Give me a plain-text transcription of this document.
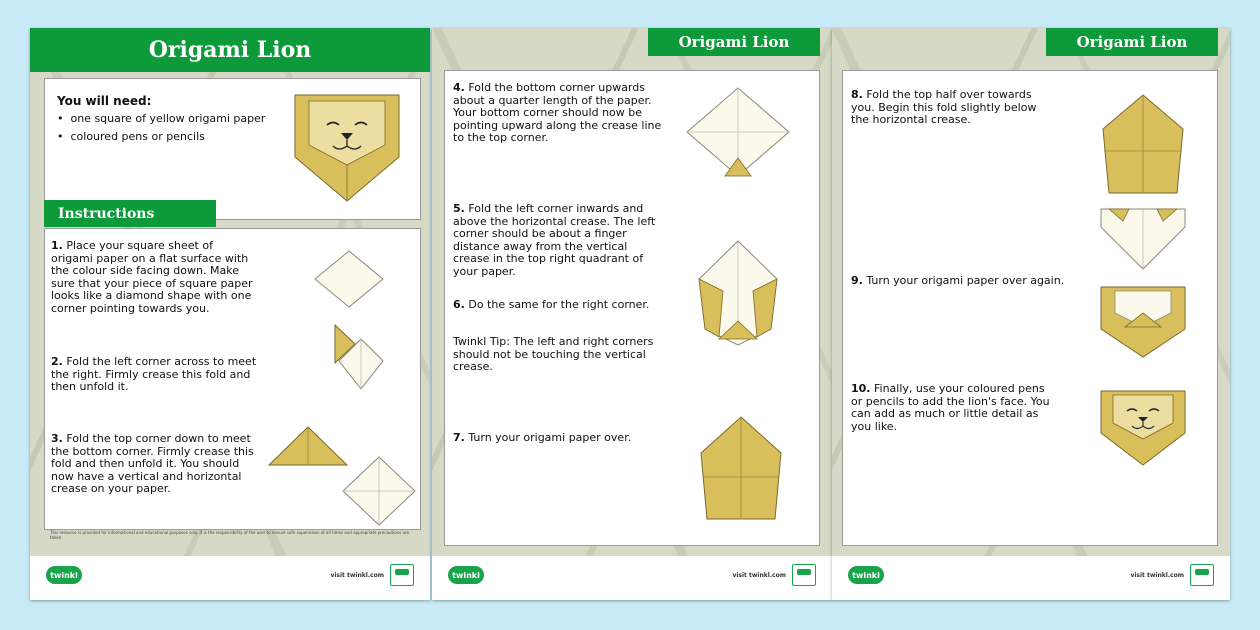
Origami Lion
You will need:
•  one square of yellow origami paper
•  coloured pens or pencils
1. Place your square sheet of origami paper on a flat surface with the colour side facing down. Make sure that your piece of square paper looks like a diamond shape with one corner pointing towards you.
2. Fold the left corner across to meet the right. Firmly crease this fold and then unfold it.
3. Fold the top corner down to meet the bottom corner. Firmly crease this fold and then unfold it. You should now have a vertical and horizontal crease on your paper.
Instructions
This resource is provided for informational and educational purposes only. It is the responsibility of the user to ensure safe supervision at all times and appropriate precautions are taken.
twinkl	visit twinkl.com
Origami Lion
4. Fold the bottom corner upwards about a quarter length of the paper. Your bottom corner should now be pointing upward along the crease line to the top corner.
5. Fold the left corner inwards and above the horizontal crease. The left corner should be about a finger distance away from the vertical crease in the top right quadrant of your paper.
6. Do the same for the right corner.
Twinkl Tip: The left and right corners should not be touching the vertical crease.
7. Turn your origami paper over.
twinkl	visit twinkl.com
Origami Lion
8. Fold the top half over towards you. Begin this fold slightly below the horizontal crease.
9. Turn your origami paper over again.
10. Finally, use your coloured pens or pencils to add the lion's face. You can add as much or little detail as you like.
twinkl	visit twinkl.com
